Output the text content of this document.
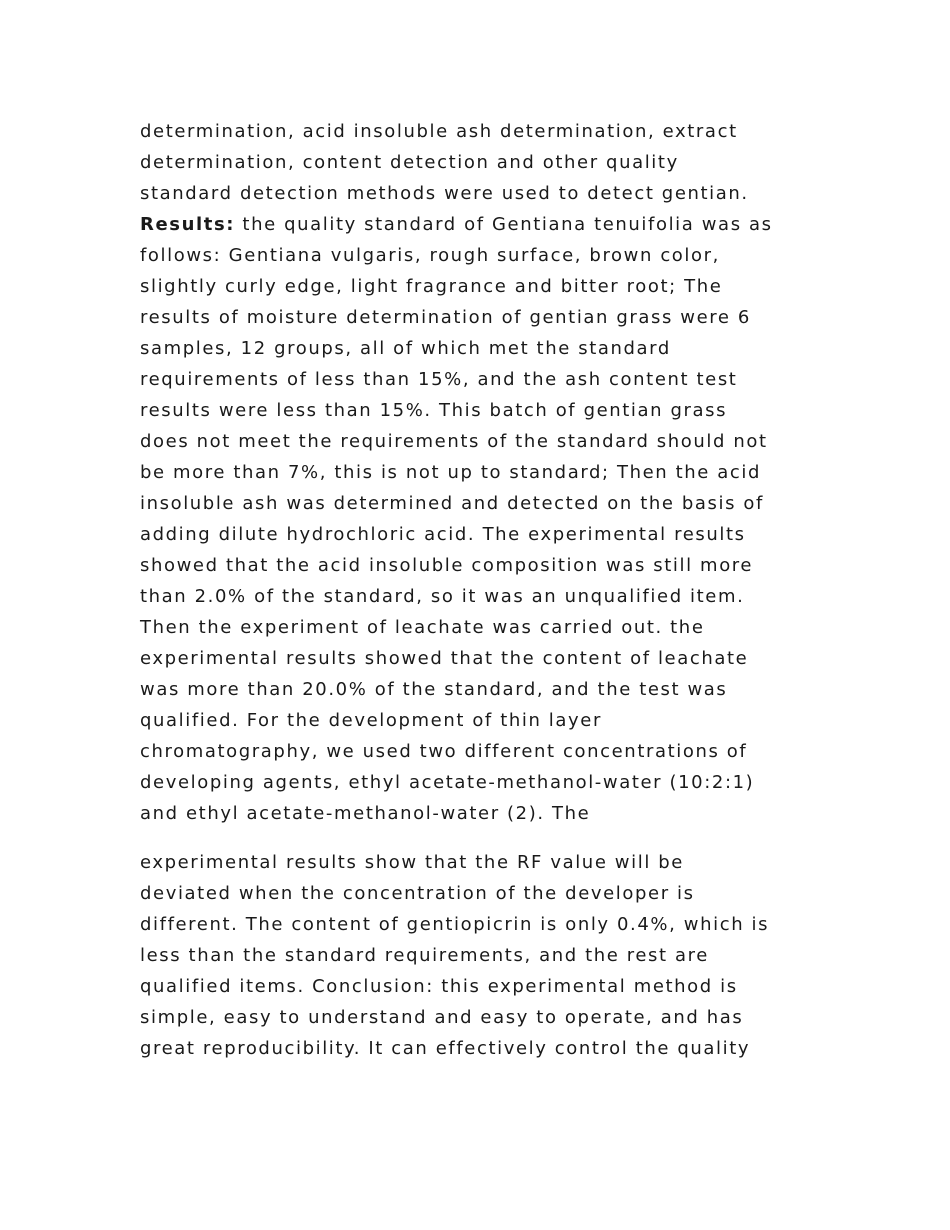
determination, acid insoluble ash determination, extract
determination, content detection and other quality
standard detection methods were used to detect gentian.
Results: the quality standard of Gentiana tenuifolia was as
follows: Gentiana vulgaris, rough surface, brown color,
slightly curly edge, light fragrance and bitter root; The
results of moisture determination of gentian grass were 6
samples, 12 groups, all of which met the standard
requirements of less than 15%, and the ash content test
results were less than 15%. This batch of gentian grass
does not meet the requirements of the standard should not
be more than 7%, this is not up to standard; Then the acid
insoluble ash was determined and detected on the basis of
adding dilute hydrochloric acid. The experimental results
showed that the acid insoluble composition was still more
than 2.0% of the standard, so it was an unqualified item.
Then the experiment of leachate was carried out. the
experimental results showed that the content of leachate
was more than 20.0% of the standard, and the test was
qualified. For the development of thin layer
chromatography, we used two different concentrations of
developing agents, ethyl acetate-methanol-water (10:2:1)
and ethyl acetate-methanol-water (2). The
experimental results show that the RF value will be
deviated when the concentration of the developer is
different. The content of gentiopicrin is only 0.4%, which is
less than the standard requirements, and the rest are
qualified items. Conclusion: this experimental method is
simple, easy to understand and easy to operate, and has
great reproducibility. It can effectively control the quality
